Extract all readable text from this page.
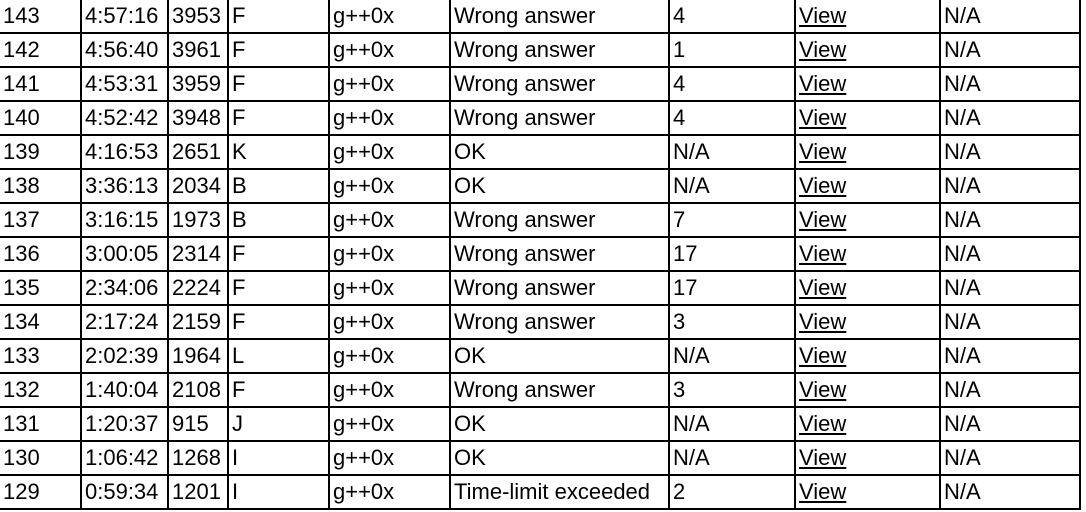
143	4:57:16	3953	F	g++0x	Wrong answer	4	View	N/A
142	4:56:40	3961	F	g++0x	Wrong answer	1	View	N/A
141	4:53:31	3959	F	g++0x	Wrong answer	4	View	N/A
140	4:52:42	3948	F	g++0x	Wrong answer	4	View	N/A
139	4:16:53	2651	K	g++0x	OK	N/A	View	N/A
138	3:36:13	2034	B	g++0x	OK	N/A	View	N/A
137	3:16:15	1973	B	g++0x	Wrong answer	7	View	N/A
136	3:00:05	2314	F	g++0x	Wrong answer	17	View	N/A
135	2:34:06	2224	F	g++0x	Wrong answer	17	View	N/A
134	2:17:24	2159	F	g++0x	Wrong answer	3	View	N/A
133	2:02:39	1964	L	g++0x	OK	N/A	View	N/A
132	1:40:04	2108	F	g++0x	Wrong answer	3	View	N/A
131	1:20:37	915	J	g++0x	OK	N/A	View	N/A
130	1:06:42	1268	I	g++0x	OK	N/A	View	N/A
129	0:59:34	1201	I	g++0x	Time-limit exceeded	2	View	N/A
